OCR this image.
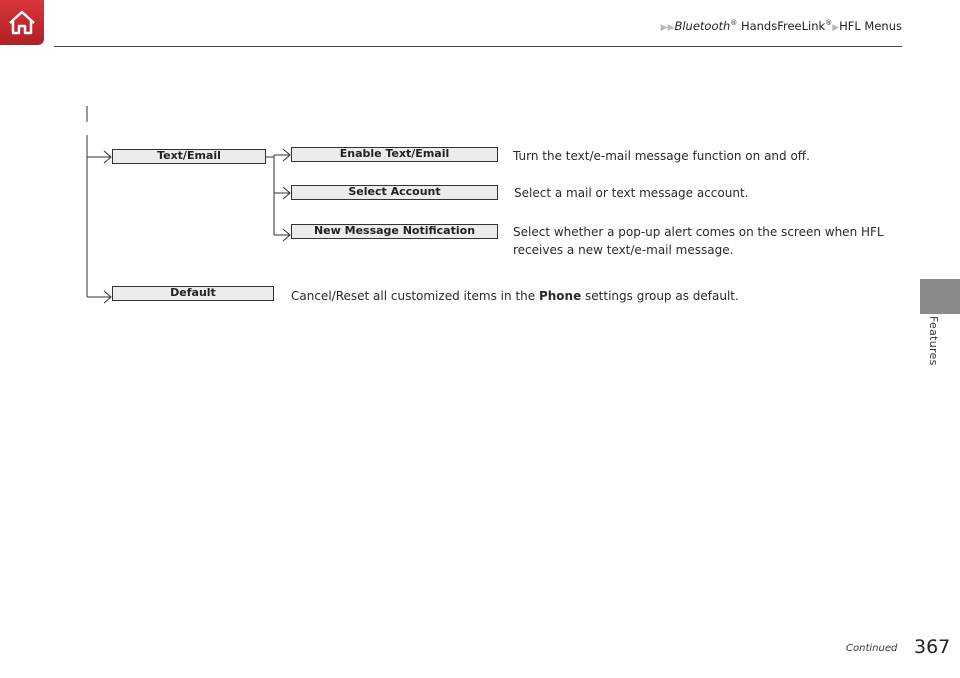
▶▶Bluetooth® HandsFreeLink®▶HFL Menus
Features
Text/Email	Enable Text/Email
Select Account
New Message Notification
Default
Turn the text/e-mail message function on and off.
Select a mail or text message account.
Select whether a pop-up alert comes on the screen when HFL receives a new text/e-mail message.
Cancel/Reset all customized items in the Phone settings group as default.
Continued 367
